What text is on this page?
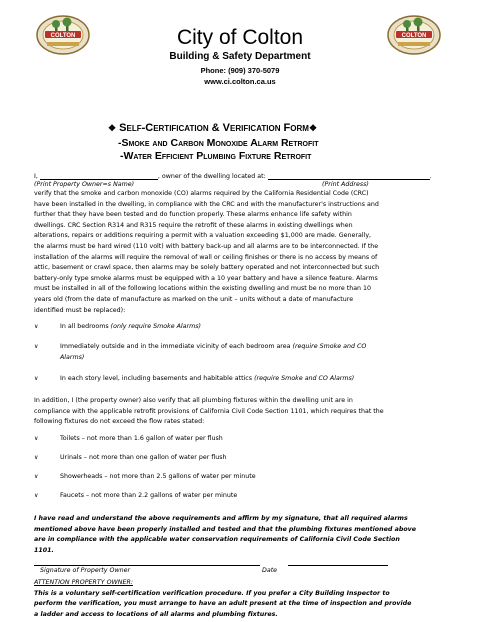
COLTON	COLTON
City of Colton
Building & Safety Department
Phone: (909) 370-5079
www.ci.colton.ca.us
❖ Self-Certification & Verification Form❖
-Smoke and Carbon Monoxide Alarm Retrofit
-Water Efficient Plumbing Fixture Retrofit
I,	, owner of the dwelling located at:	.
(Print Property Owner=s Name)	(Print Address)

verify that the smoke and carbon monoxide (CO) alarms required by the California Residential Code (CRC)

have been installed in the dwelling, in compliance with the CRC and with the manufacturer's instructions and

further that they have been tested and do function properly. These alarms enhance life safety within

dwellings. CRC Section R314 and R315 require the retrofit of these alarms in existing dwellings when

alterations, repairs or additions requiring a permit with a valuation exceeding $1,000 are made. Generally,

the alarms must be hard wired (110 volt) with battery back-up and all alarms are to be interconnected. If the

installation of the alarms will require the removal of wall or ceiling finishes or there is no access by means of

attic, basement or crawl space, then alarms may be solely battery operated and not interconnected but such

battery-only type smoke alarms must be equipped with a 10 year battery and have a silence feature. Alarms

must be installed in all of the following locations within the existing dwelling and must be no more than 10

years old (from the date of manufacture as marked on the unit – units without a date of manufacture

identified must be replaced):

∨	In all bedrooms (only require Smoke Alarms)
∨	Immediately outside and in the immediate vicinity of each bedroom area (require Smoke and CO
Alarms)
∨	In each story level, including basements and habitable attics (require Smoke and CO Alarms)

In addition, I (the property owner) also verify that all plumbing fixtures within the dwelling unit are in

compliance with the applicable retrofit provisions of California Civil Code Section 1101, which requires that the

following fixtures do not exceed the flow rates stated:

∨	Toilets – not more than 1.6 gallon of water per flush
∨	Urinals – not more than one gallon of water per flush
∨	Showerheads – not more than 2.5 gallons of water per minute
∨	Faucets – not more than 2.2 gallons of water per minute

I have read and understand the above requirements and affirm by my signature, that all required alarms

mentioned above have been properly installed and tested and that the plumbing fixtures mentioned above

are in compliance with the applicable water conservation requirements of California Civil Code Section

1101.

Signature of Property Owner	Date

ATTENTION PROPERTY OWNER:

This is a voluntary self-certification verification procedure. If you prefer a City Building Inspector to

perform the verification, you must arrange to have an adult present at the time of inspection and provide

a ladder and access to locations of all alarms and plumbing fixtures.
